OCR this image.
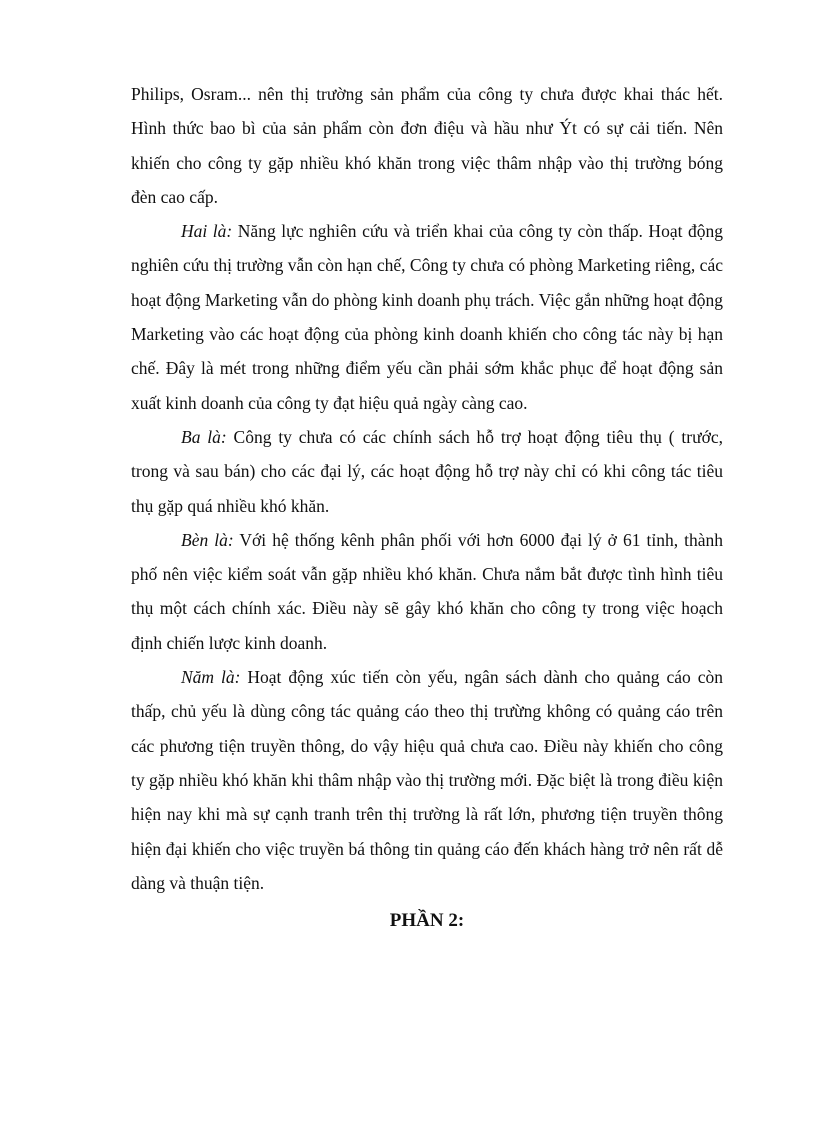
Philips, Osram... nên thị trường sản phẩm của công ty chưa được khai thác hết. Hình thức bao bì của sản phẩm còn đơn điệu và hầu như Ýt có sự cải tiến. Nên khiến cho công ty gặp nhiều khó khăn trong việc thâm nhập vào thị trường bóng đèn cao cấp.

Hai là: Năng lực nghiên cứu và triển khai của công ty còn thấp. Hoạt động nghiên cứu thị trường vẫn còn hạn chế, Công ty chưa có phòng Marketing riêng, các hoạt động Marketing vẫn do phòng kinh doanh phụ trách. Việc gắn những hoạt động Marketing vào các hoạt động của phòng kinh doanh khiến cho công tác này bị hạn chế. Đây là mét trong những điểm yếu cần phải sớm khắc phục để hoạt động sản xuất kinh doanh của công ty đạt hiệu quả ngày càng cao.

Ba là: Công ty chưa có các chính sách hỗ trợ hoạt động tiêu thụ ( trước, trong và sau bán) cho các đại lý, các hoạt động hỗ trợ này chỉ có khi công tác tiêu thụ gặp quá nhiều khó khăn.

Bèn là: Với hệ thống kênh phân phối với hơn 6000 đại lý ở 61 tỉnh, thành phố nên việc kiểm soát vẫn gặp nhiều khó khăn. Chưa nắm bắt được tình hình tiêu thụ một cách chính xác. Điều này sẽ gây khó khăn cho công ty trong việc hoạch định chiến lược kinh doanh.

Năm là: Hoạt động xúc tiến còn yếu, ngân sách dành cho quảng cáo còn thấp, chủ yếu là dùng công tác quảng cáo theo thị trưừng không có quảng cáo trên các phương tiện truyền thông, do vậy hiệu quả chưa cao. Điều này khiến cho công ty gặp nhiều khó khăn khi thâm nhập vào thị trường mới. Đặc biệt là trong điều kiện hiện nay khi mà sự cạnh tranh trên thị trường là rất lớn, phương tiện truyền thông hiện đại khiến cho việc truyền bá thông tin quảng cáo đến khách hàng trở nên rất dễ dàng và thuận tiện.

PHẦN 2:
